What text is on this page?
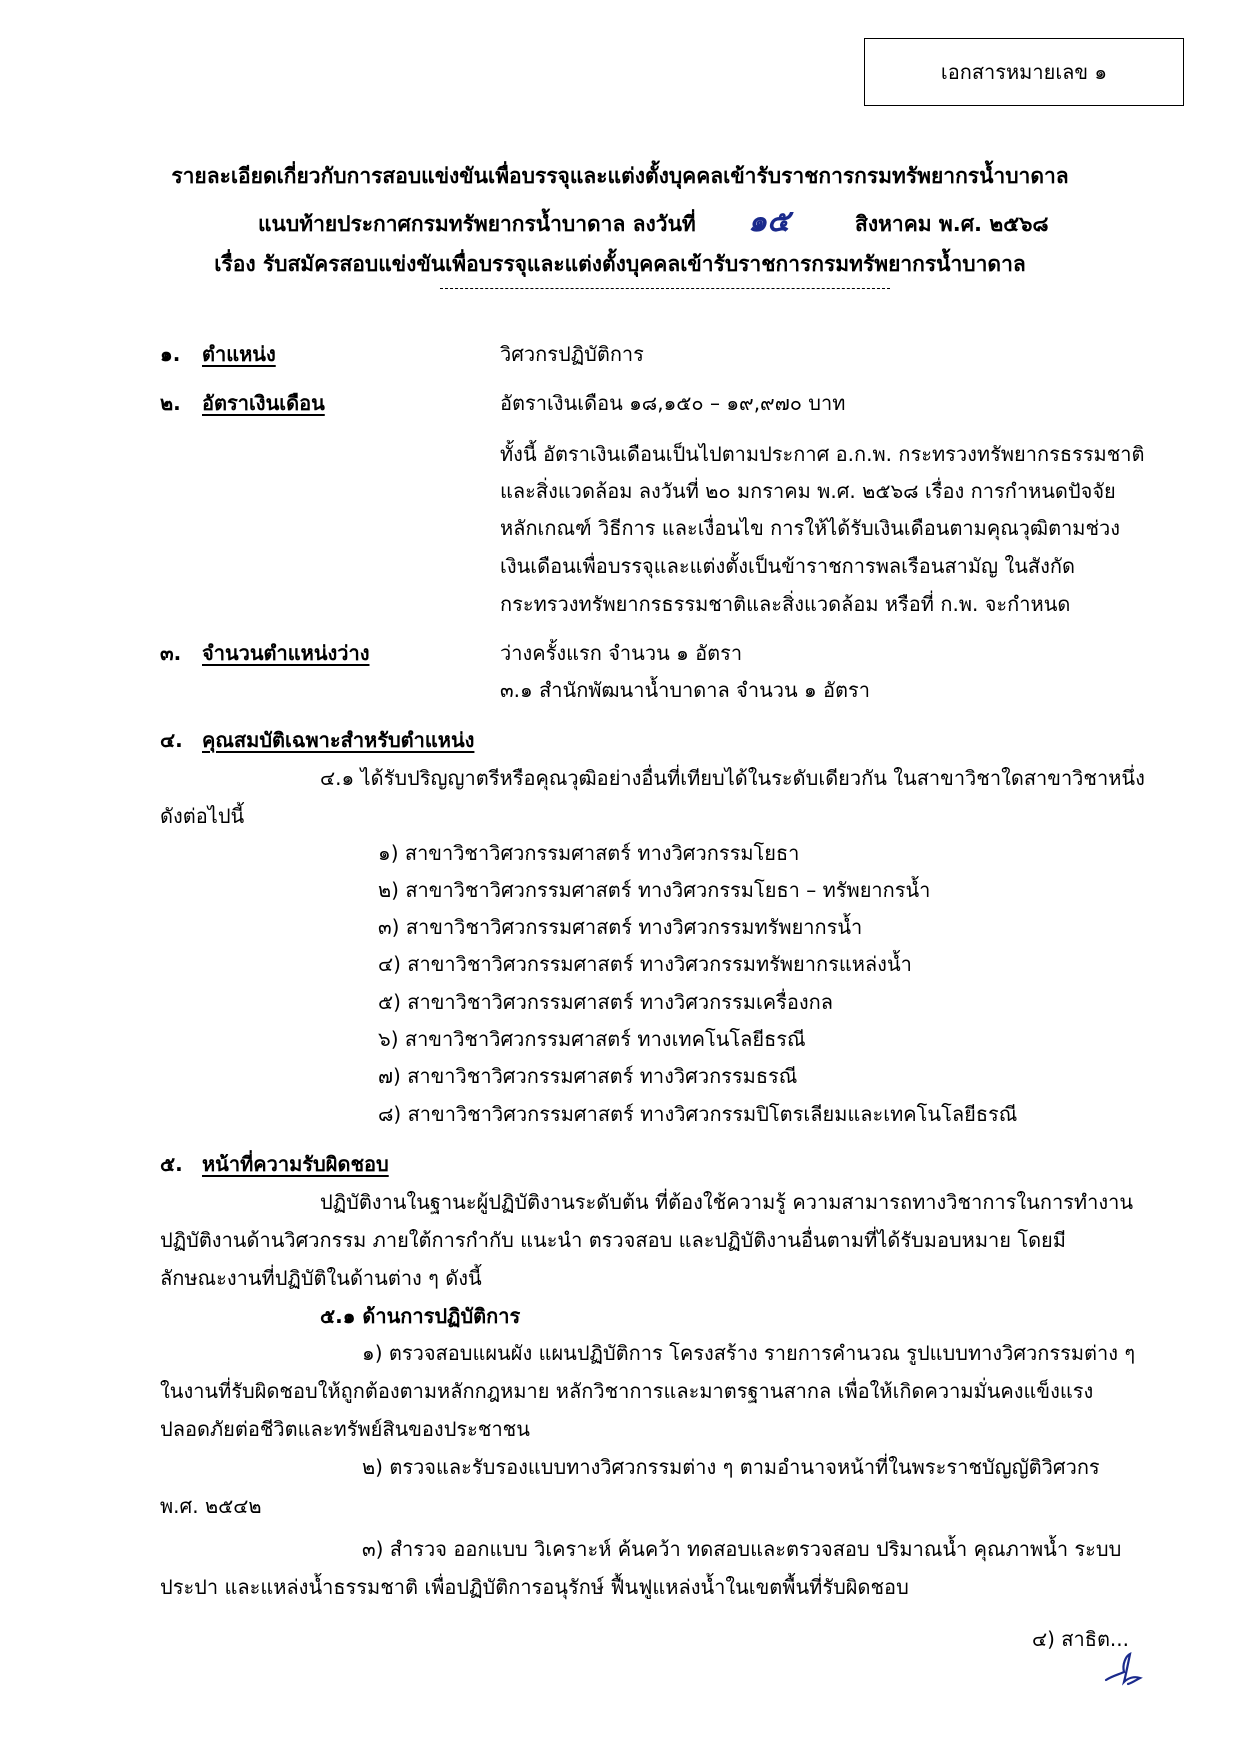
เอกสารหมายเลข ๑
รายละเอียดเกี่ยวกับการสอบแข่งขันเพื่อบรรจุและแต่งตั้งบุคคลเข้ารับราชการกรมทรัพยากรน้ำบาดาล
แนบท้ายประกาศกรมทรัพยากรน้ำบาดาล ลงวันที่ ๑๕	สิงหาคม พ.ศ. ๒๕๖๘
เรื่อง รับสมัครสอบแข่งขันเพื่อบรรจุและแต่งตั้งบุคคลเข้ารับราชการกรมทรัพยากรน้ำบาดาล
๑. ตำแหน่ง	วิศวกรปฏิบัติการ
๒. อัตราเงินเดือน	อัตราเงินเดือน ๑๘,๑๕๐ – ๑๙,๙๗๐ บาท
ทั้งนี้ อัตราเงินเดือนเป็นไปตามประกาศ อ.ก.พ. กระทรวงทรัพยากรธรรมชาติ
และสิ่งแวดล้อม ลงวันที่ ๒๐ มกราคม พ.ศ. ๒๕๖๘ เรื่อง การกำหนดปัจจัย
หลักเกณฑ์ วิธีการ และเงื่อนไข การให้ได้รับเงินเดือนตามคุณวุฒิตามช่วง
เงินเดือนเพื่อบรรจุและแต่งตั้งเป็นข้าราชการพลเรือนสามัญ ในสังกัด
กระทรวงทรัพยากรธรรมชาติและสิ่งแวดล้อม หรือที่ ก.พ. จะกำหนด
๓. จำนวนตำแหน่งว่าง	ว่างครั้งแรก จำนวน ๑ อัตรา
๓.๑ สำนักพัฒนาน้ำบาดาล จำนวน ๑ อัตรา
๔. คุณสมบัติเฉพาะสำหรับตำแหน่ง
๔.๑ ได้รับปริญญาตรีหรือคุณวุฒิอย่างอื่นที่เทียบได้ในระดับเดียวกัน ในสาขาวิชาใดสาขาวิชาหนึ่ง
ดังต่อไปนี้
๑) สาขาวิชาวิศวกรรมศาสตร์ ทางวิศวกรรมโยธา
๒) สาขาวิชาวิศวกรรมศาสตร์ ทางวิศวกรรมโยธา – ทรัพยากรน้ำ
๓) สาขาวิชาวิศวกรรมศาสตร์ ทางวิศวกรรมทรัพยากรน้ำ
๔) สาขาวิชาวิศวกรรมศาสตร์ ทางวิศวกรรมทรัพยากรแหล่งน้ำ
๕) สาขาวิชาวิศวกรรมศาสตร์ ทางวิศวกรรมเครื่องกล
๖) สาขาวิชาวิศวกรรมศาสตร์ ทางเทคโนโลยีธรณี
๗) สาขาวิชาวิศวกรรมศาสตร์ ทางวิศวกรรมธรณี
๘) สาขาวิชาวิศวกรรมศาสตร์ ทางวิศวกรรมปิโตรเลียมและเทคโนโลยีธรณี
๕. หน้าที่ความรับผิดชอบ
ปฏิบัติงานในฐานะผู้ปฏิบัติงานระดับต้น ที่ต้องใช้ความรู้ ความสามารถทางวิชาการในการทำงาน
ปฏิบัติงานด้านวิศวกรรม ภายใต้การกำกับ แนะนำ ตรวจสอบ และปฏิบัติงานอื่นตามที่ได้รับมอบหมาย โดยมี
ลักษณะงานที่ปฏิบัติในด้านต่าง ๆ ดังนี้
๕.๑ ด้านการปฏิบัติการ
๑) ตรวจสอบแผนผัง แผนปฏิบัติการ โครงสร้าง รายการคำนวณ รูปแบบทางวิศวกรรมต่าง ๆ
ในงานที่รับผิดชอบให้ถูกต้องตามหลักกฎหมาย หลักวิชาการและมาตรฐานสากล เพื่อให้เกิดความมั่นคงแข็งแรง
ปลอดภัยต่อชีวิตและทรัพย์สินของประชาชน
๒) ตรวจและรับรองแบบทางวิศวกรรมต่าง ๆ ตามอำนาจหน้าที่ในพระราชบัญญัติวิศวกร
พ.ศ. ๒๕๔๒
๓) สำรวจ ออกแบบ วิเคราะห์ ค้นคว้า ทดสอบและตรวจสอบ ปริมาณน้ำ คุณภาพน้ำ ระบบ
ประปา และแหล่งน้ำธรรมชาติ เพื่อปฏิบัติการอนุรักษ์ ฟื้นฟูแหล่งน้ำในเขตพื้นที่รับผิดชอบ
๔) สาธิต...
